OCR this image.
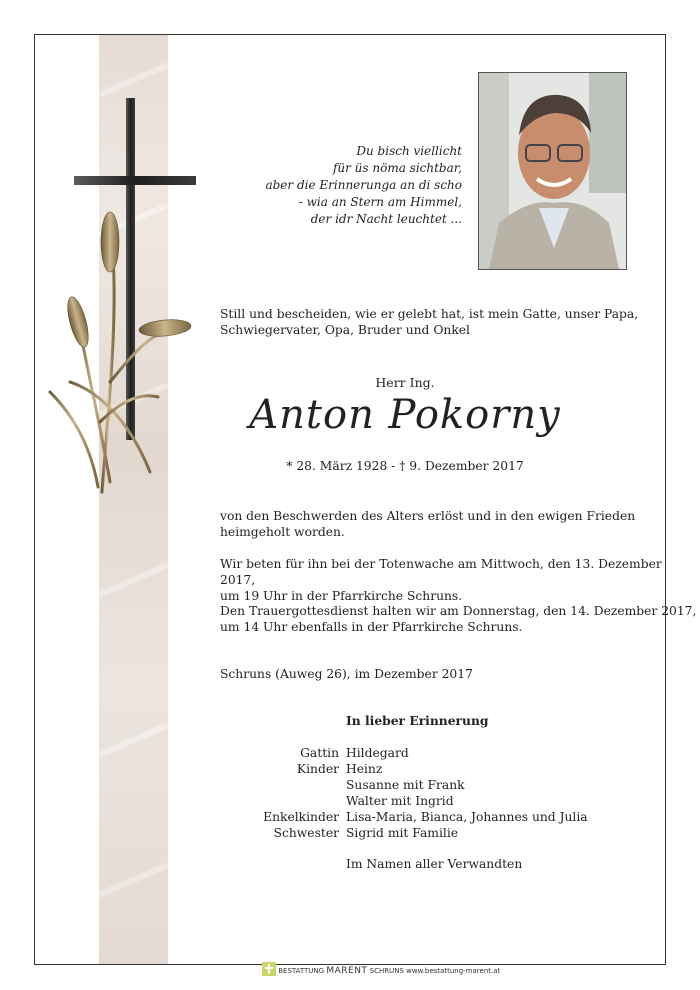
Du bisch viellicht
für üs nöma sichtbar,
aber die Erinnerunga an di scho
- wia an Stern am Himmel,
der idr Nacht leuchtet ...
Still und bescheiden, wie er gelebt hat, ist mein Gatte, unser Papa,
Schwiegervater, Opa, Bruder und Onkel
Herr Ing.
Anton Pokorny
* 28. März 1928 - † 9. Dezember 2017
von den Beschwerden des Alters erlöst und in den ewigen Frieden
heimgeholt worden.
Wir beten für ihn bei der Totenwache am Mittwoch, den 13. Dezember 2017,
um 19 Uhr in der Pfarrkirche Schruns.
Den Trauergottesdienst halten wir am Donnerstag, den 14. Dezember 2017,
um 14 Uhr ebenfalls in der Pfarrkirche Schruns.
Schruns (Auweg 26), im Dezember 2017
In lieber Erinnerung
Gattin Hildegard
Kinder Heinz
Susanne mit Frank
Walter mit Ingrid
Enkelkinder Lisa-Maria, Bianca, Johannes und Julia
Schwester Sigrid mit Familie
Im Namen aller Verwandten
BESTATTUNG MARENT SCHRUNS www.bestattung-marent.at
